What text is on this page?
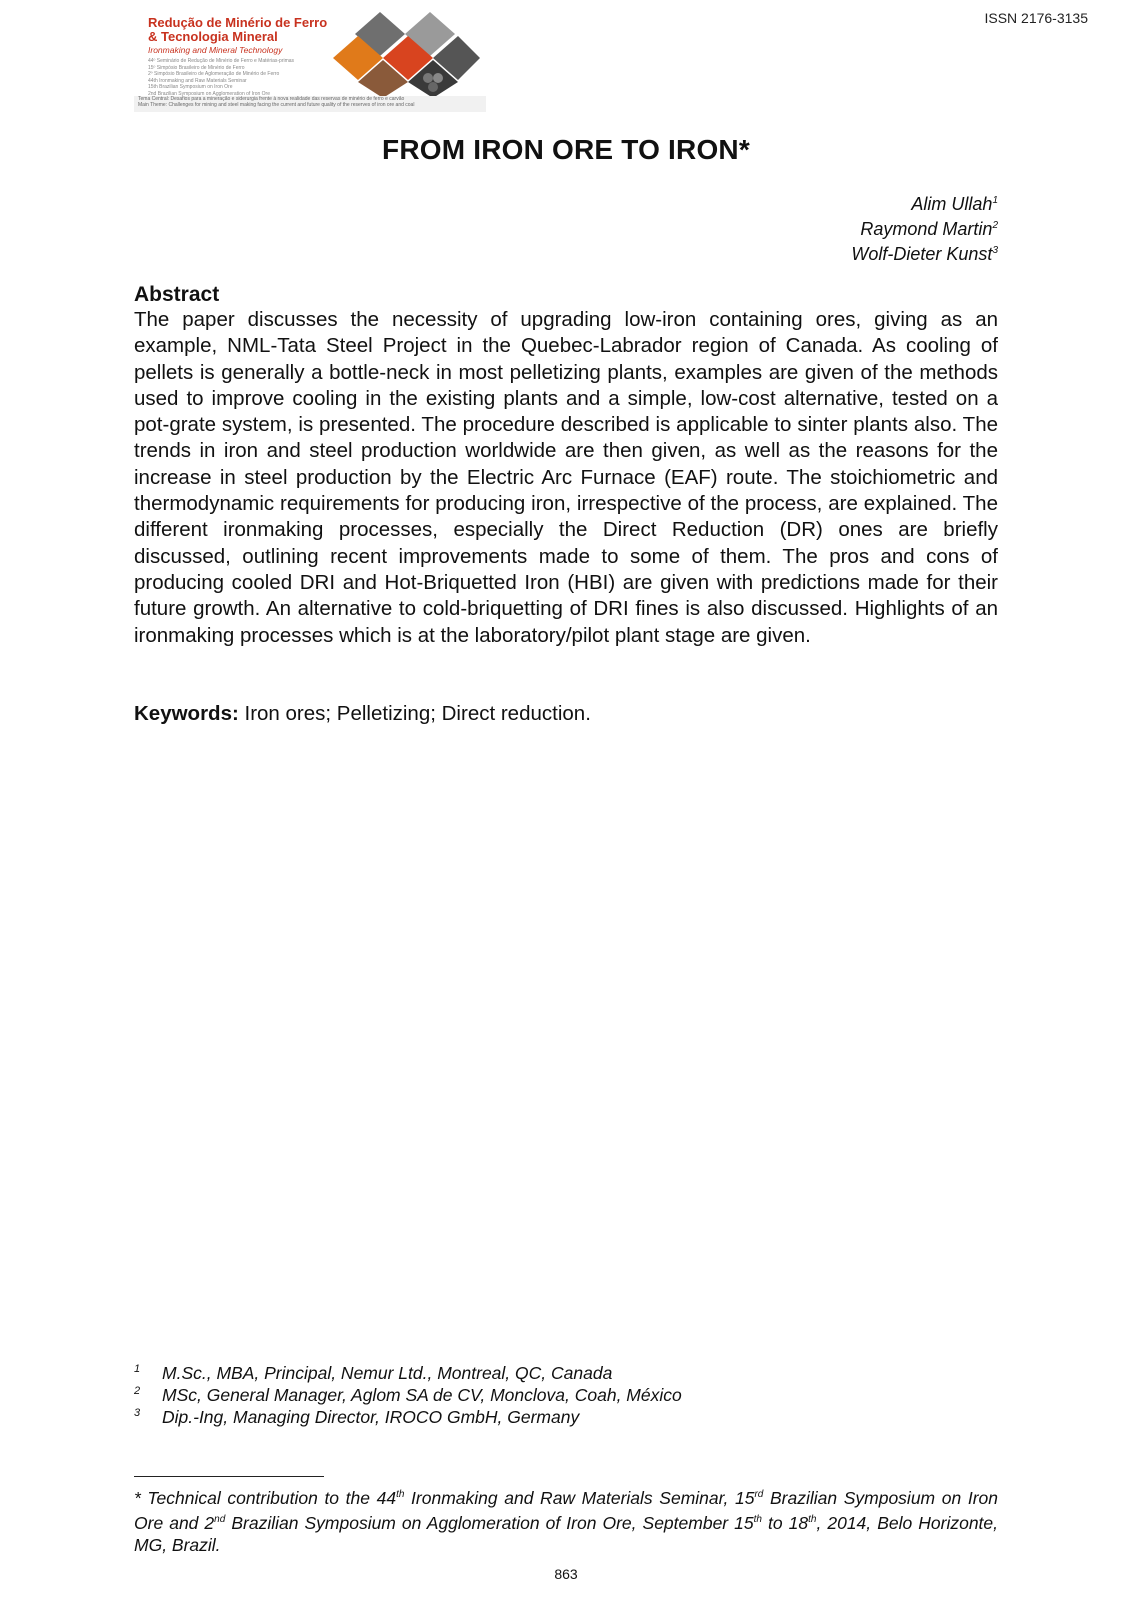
ISSN 2176-3135
Redução de Minério de Ferro
& Tecnologia Mineral
Ironmaking and Mineral Technology
44º Seminário de Redução de Minério de Ferro e Matérias-primas
15º Simpósio Brasileiro de Minério de Ferro
2º Simpósio Brasileiro de Aglomeração de Minério de Ferro
44th Ironmaking and Raw Materials Seminar
15th Brazilian Symposium on Iron Ore
2nd Brazilian Symposium on Agglomeration of Iron Ore
Tema Central: Desafios para a mineração e siderurgia frente à nova realidade das reservas de minério de ferro e carvão
Main Theme: Challenges for mining and steel making facing the current and future quality of the reserves of iron ore and coal
FROM IRON ORE TO IRON*
Alim Ullah$^1$
Raymond Martin$^2$
Wolf-Dieter Kunst$^3$
Abstract
The paper discusses the necessity of upgrading low-iron containing ores, giving as an example, NML-Tata Steel Project in the Quebec-Labrador region of Canada. As cooling of pellets is generally a bottle-neck in most pelletizing plants, examples are given of the methods used to improve cooling in the existing plants and a simple, low-cost alternative, tested on a pot-grate system, is presented. The procedure described is applicable to sinter plants also. The trends in iron and steel production worldwide are then given, as well as the reasons for the increase in steel production by the Electric Arc Furnace (EAF) route. The stoichiometric and thermodynamic requirements for producing iron, irrespective of the process, are explained. The different ironmaking processes, especially the Direct Reduction (DR) ones are briefly discussed, outlining recent improvements made to some of them. The pros and cons of producing cooled DRI and Hot-Briquetted Iron (HBI) are given with predictions made for their future growth. An alternative to cold-briquetting of DRI fines is also discussed. Highlights of an ironmaking processes which is at the laboratory/pilot plant stage are given.
Keywords: Iron ores; Pelletizing; Direct reduction.
1 M.Sc., MBA, Principal, Nemur Ltd., Montreal, QC, Canada
2 MSc, General Manager, Aglom SA de CV, Monclova, Coah, México
3 Dip.-Ing, Managing Director, IROCO GmbH, Germany
* Technical contribution to the 44th Ironmaking and Raw Materials Seminar, 15rd Brazilian Symposium on Iron Ore and 2nd Brazilian Symposium on Agglomeration of Iron Ore, September 15th to 18th, 2014, Belo Horizonte, MG, Brazil.
863
